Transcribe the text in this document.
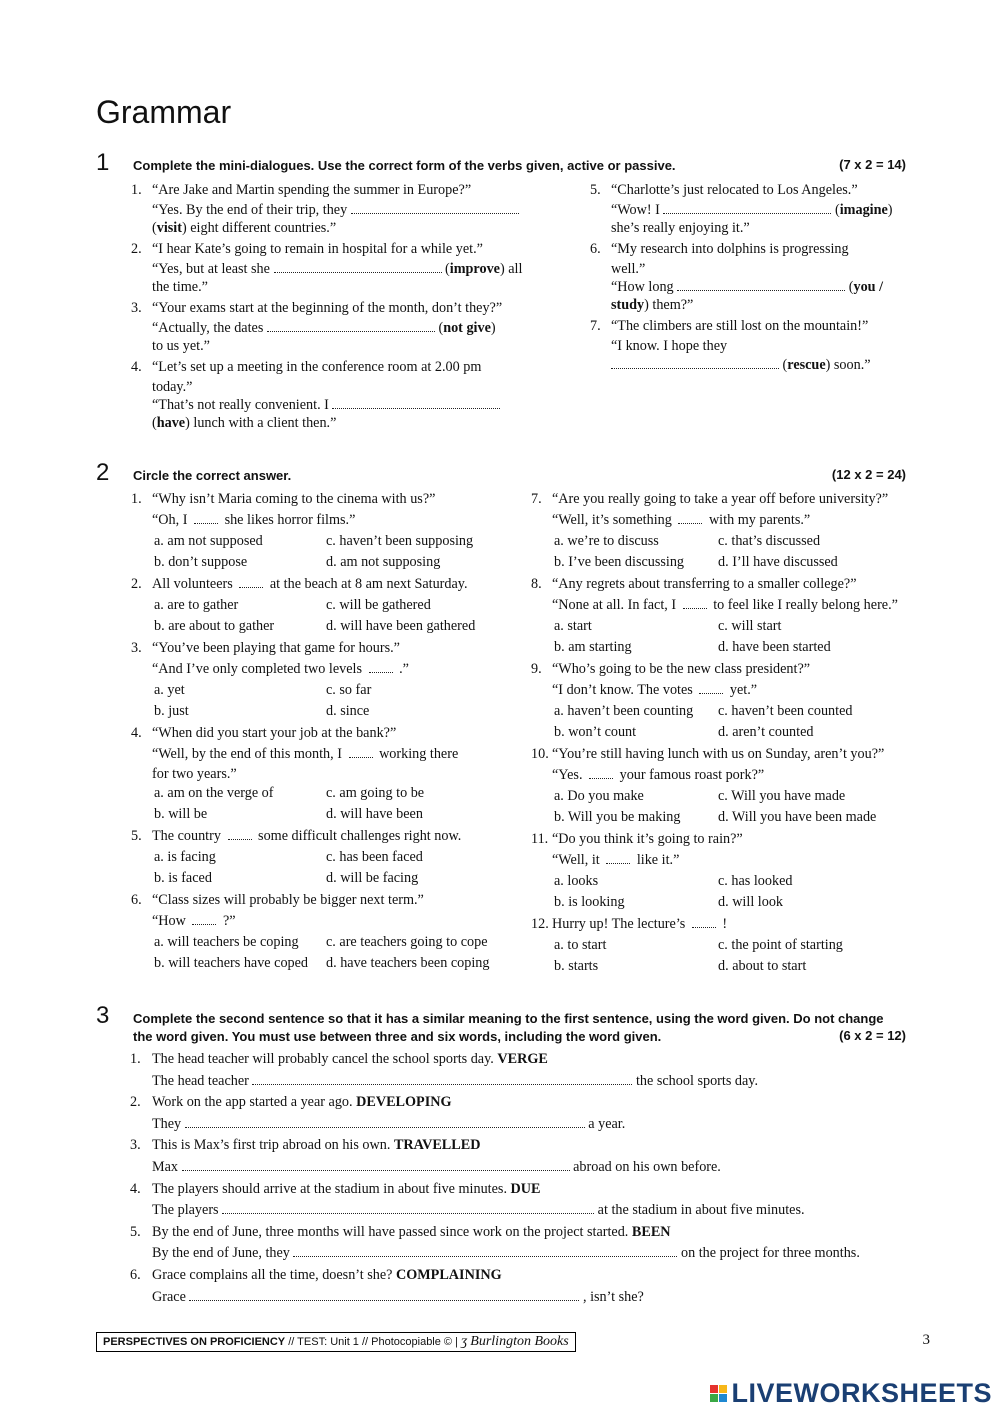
Grammar
1 Complete the mini-dialogues. Use the correct form of the verbs given, active or passive.	(7 x 2 = 14)
1. “Are Jake and Martin spending the summer in Europe?”
“Yes. By the end of their trip, they
(visit) eight different countries.”
2. “I hear Kate’s going to remain in hospital for a while yet.”
“Yes, but at least she	(improve) all
the time.”
3. “Your exams start at the beginning of the month, don’t they?”
“Actually, the dates	(not give)
to us yet.”
4. “Let’s set up a meeting in the conference room at 2.00 pm
today.”
“That’s not really convenient. I
(have) lunch with a client then.”
5. “Charlotte’s just relocated to Los Angeles.”
“Wow! I	(imagine)
she’s really enjoying it.”
6. “My research into dolphins is progressing
well.”
“How long	(you /
study) them?”
7. “The climbers are still lost on the mountain!”
“I know. I hope they
(rescue) soon.”
2 Circle the correct answer.	(12 x 2 = 24)
1. “Why isn’t Maria coming to the cinema with us?”
“Oh, I	she likes horror films.”
a. am not supposed	c. haven’t been supposing
b. don’t suppose	d. am not supposing
2. All volunteers	at the beach at 8 am next Saturday.
a. are to gather	c. will be gathered
b. are about to gather	d. will have been gathered
3. “You’ve been playing that game for hours.”
“And I’ve only completed two levels	.”
a. yet	c. so far
b. just	d. since
4. “When did you start your job at the bank?”
“Well, by the end of this month, I	working there
for two years.”
a. am on the verge of	c. am going to be
b. will be	d. will have been
5. The country	some difficult challenges right now.
a. is facing	c. has been faced
b. is faced	d. will be facing
6. “Class sizes will probably be bigger next term.”
“How	?”
a. will teachers be coping	c. are teachers going to cope
b. will teachers have coped	d. have teachers been coping
7. “Are you really going to take a year off before university?”
“Well, it’s something	with my parents.”
a. we’re to discuss	c. that’s discussed
b. I’ve been discussing	d. I’ll have discussed
8. “Any regrets about transferring to a smaller college?”
“None at all. In fact, I	to feel like I really belong here.”
a. start	c. will start
b. am starting	d. have been started
9. “Who’s going to be the new class president?”
“I don’t know. The votes	yet.”
a. haven’t been counting	c. haven’t been counted
b. won’t count	d. aren’t counted
10. “You’re still having lunch with us on Sunday, aren’t you?”
“Yes.	your famous roast pork?”
a. Do you make	c. Will you have made
b. Will you be making	d. Will you have been made
11. “Do you think it’s going to rain?”
“Well, it	like it.”
a. looks	c. has looked
b. is looking	d. will look
12. Hurry up! The lecture’s	!
a. to start	c. the point of starting
b. starts	d. about to start
3 Complete the second sentence so that it has a similar meaning to the first sentence, using the word given. Do not change the word given. You must use between three and six words, including the word given.	(6 x 2 = 12)
1. The head teacher will probably cancel the school sports day. VERGE
The head teacher	the school sports day.
2. Work on the app started a year ago. DEVELOPING
They	a year.
3. This is Max’s first trip abroad on his own. TRAVELLED
Max	abroad on his own before.
4. The players should arrive at the stadium in about five minutes. DUE
The players	at the stadium in about five minutes.
5. By the end of June, three months will have passed since work on the project started. BEEN
By the end of June, they	on the project for three months.
6. Grace complains all the time, doesn’t she? COMPLAINING
Grace	, isn’t she?
PERSPECTIVES ON PROFICIENCY // TEST: Unit 1 // Photocopiable © | ʒ Burlington Books	3
LIVEWORKSHEETS
